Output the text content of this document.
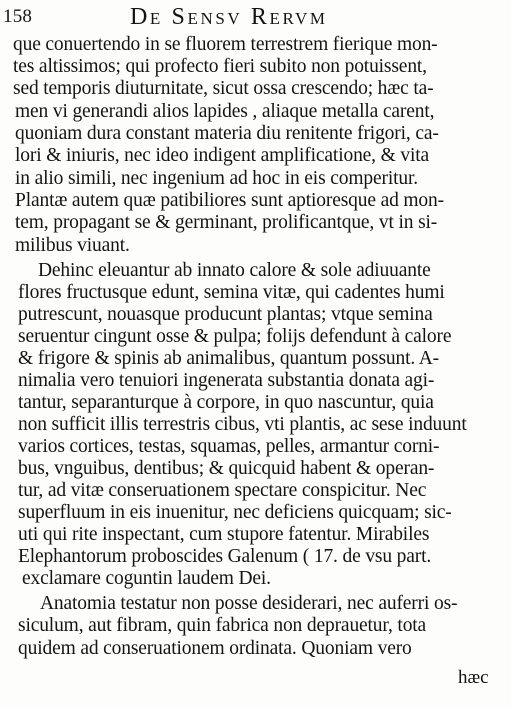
158	De Sensv Rervm
que conuertendo in se fluorem terrestrem fierique mon-
tes altissimos; qui profecto fieri subito non potuissent,
sed temporis diuturnitate, sicut ossa crescendo; hæc ta-
men vi generandi alios lapides , aliaque metalla carent,
quoniam dura constant materia diu renitente frigori, ca-
lori & iniuris, nec ideo indigent amplificatione, & vita
in alio simili, nec ingenium ad hoc in eis comperitur.
Plantæ autem quæ patibiliores sunt aptioresque ad mon-
tem, propagant se & germinant, prolificantque, vt in si-
milibus viuant.
Dehinc eleuantur ab innato calore & sole adiuuante
flores fructusque edunt, semina vitæ, qui cadentes humi
putrescunt, nouasque producunt plantas; vtque semina
seruentur cingunt osse & pulpa; folijs defendunt à calore
& frigore & spinis ab animalibus, quantum possunt. A-
nimalia vero tenuiori ingenerata substantia donata agi-
tantur, separanturque à corpore, in quo nascuntur, quia
non sufficit illis terrestris cibus, vti plantis, ac sese induunt
varios cortices, testas, squamas, pelles, armantur corni-
bus, vnguibus, dentibus; & quicquid habent & operan-
tur, ad vitæ conseruationem spectare conspicitur. Nec
superfluum in eis inuenitur, nec deficiens quicquam; sic-
uti qui rite inspectant, cum stupore fatentur. Mirabiles
Elephantorum proboscides Galenum ( 17. de vsu part.
exclamare coguntin laudem Dei.
Anatomia testatur non posse desiderari, nec auferri os-
siculum, aut fibram, quin fabrica non deprauetur, tota
quidem ad conseruationem ordinata. Quoniam vero
hæc
